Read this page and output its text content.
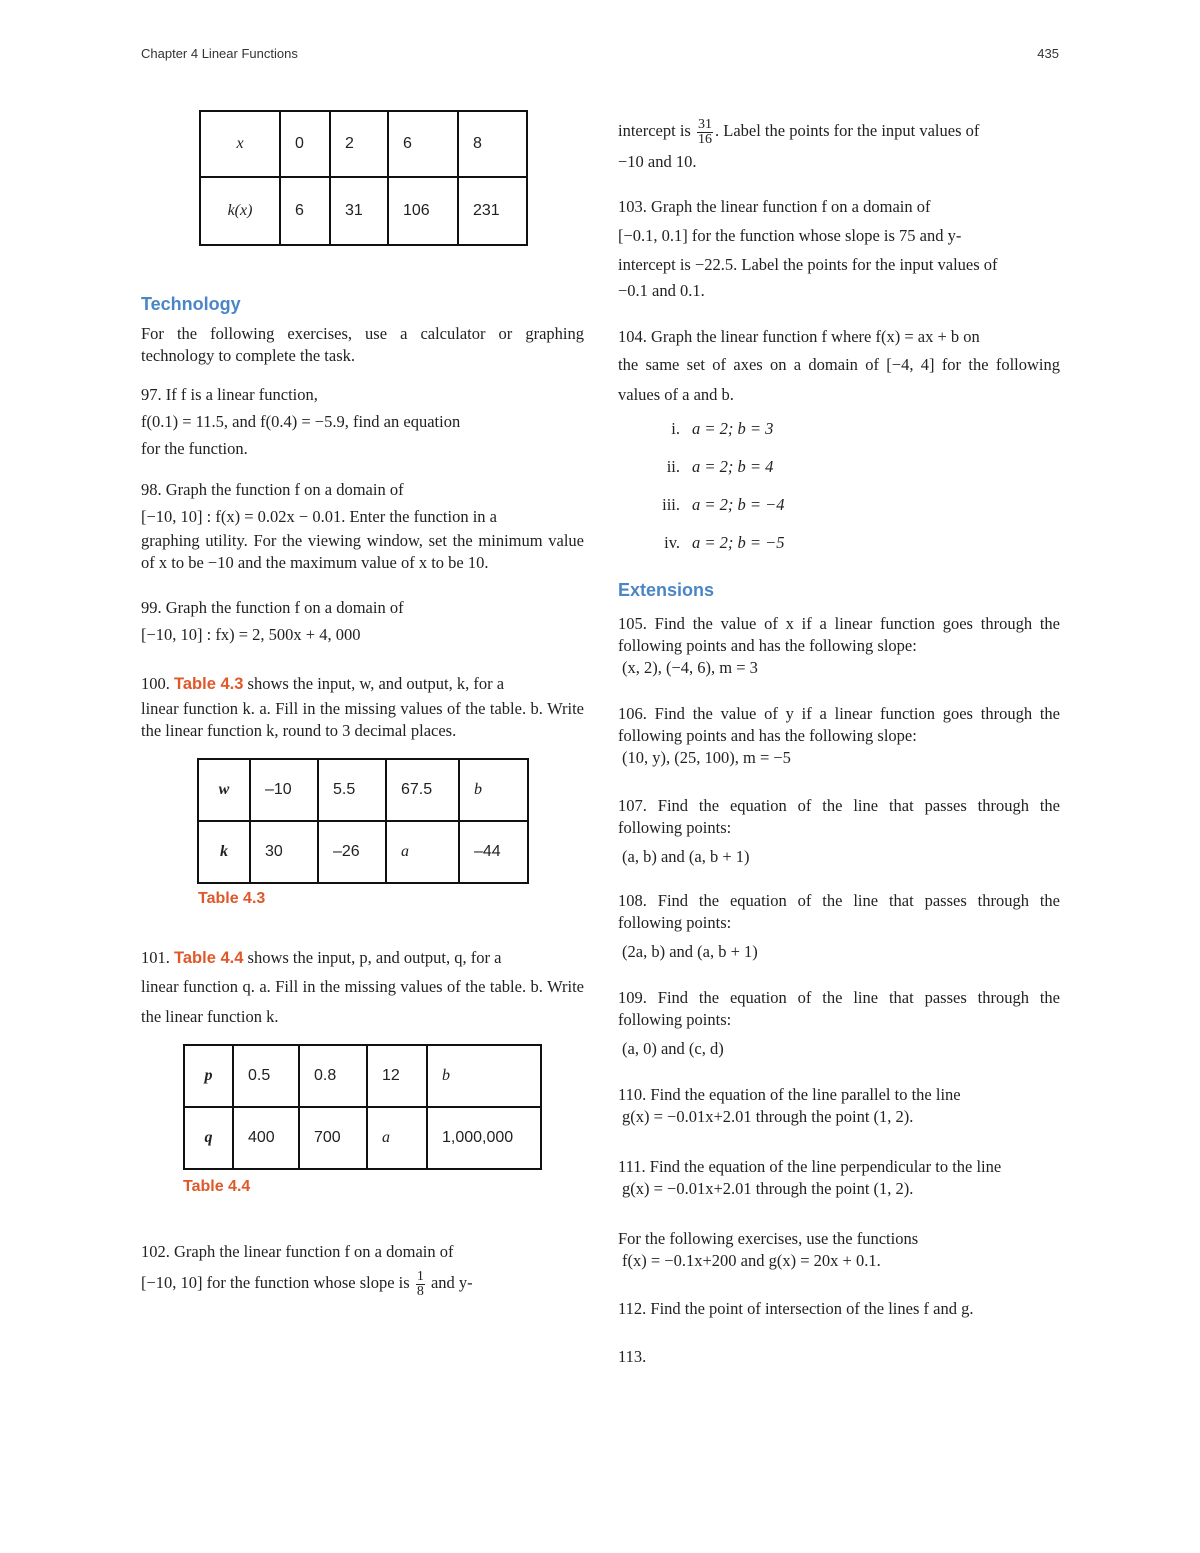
Chapter 4 Linear Functions	435
x	0	2	6	8
k(x)	6	31	106	231
Technology

For the following exercises, use a calculator or graphing technology to complete the task.

97. If f is a linear function,

f(0.1) = 11.5, and f(0.4) = −5.9, find an equation

for the function.

98. Graph the function f on a domain of

[−10, 10] : f(x) = 0.02x − 0.01. Enter the function in a

graphing utility. For the viewing window, set the minimum value of x to be −10 and the maximum value of x to be 10.

99. Graph the function f on a domain of

[−10, 10] : fx) = 2, 500x + 4, 000

100. Table 4.3 shows the input, w, and output, k, for a

linear function k. a. Fill in the missing values of the table. b. Write the linear function k, round to 3 decimal places.

w	–10	5.5	67.5	b
k	30	–26	a	–44
Table 4.3

101. Table 4.4 shows the input, p, and output, q, for a

linear function q. a. Fill in the missing values of the table. b. Write the linear function k.

p	0.5	0.8	12	b
q	400	700	a	1,000,000
Table 4.4

102. Graph the linear function f on a domain of

[−10, 10] for the function whose slope is $\frac{1}{8}$ and y-

intercept is $\frac{31}{16}$ . Label the points for the input values of

−10 and 10.

103. Graph the linear function f on a domain of

[−0.1, 0.1] for the function whose slope is 75 and y-

intercept is −22.5. Label the points for the input values of

−0.1 and 0.1.

104. Graph the linear function f where f(x) = ax + b on

the same set of axes on a domain of [−4, 4] for the following values of a and b.

i. a = 2; b = 3
ii. a = 2; b = 4
iii. a = 2; b = −4
iv. a = 2; b = −5
Extensions

105. Find the value of x if a linear function goes through the following points and has the following slope:

(x, 2), (−4, 6), m = 3

106. Find the value of y if a linear function goes through the following points and has the following slope:

(10, y), (25, 100), m = −5

107. Find the equation of the line that passes through the following points:

(a, b) and (a, b + 1)

108. Find the equation of the line that passes through the following points:

(2a, b) and (a, b + 1)

109. Find the equation of the line that passes through the following points:

(a, 0) and (c, d)

110. Find the equation of the line parallel to the line

g(x) = −0.01x+2.01 through the point (1, 2).

111. Find the equation of the line perpendicular to the line

g(x) = −0.01x+2.01 through the point (1, 2).

For the following exercises, use the functions

f(x) = −0.1x+200 and g(x) = 20x + 0.1.

112. Find the point of intersection of the lines f and g.

113.
